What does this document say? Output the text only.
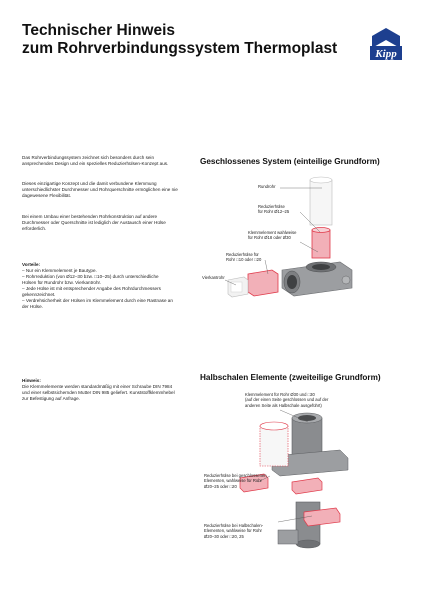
Technischer Hinweis
zum Rohrverbindungssystem Thermoplast	Kipp
Das Rohrverbindungssystem zeichnet sich besonders durch sein
ansprechendes Design und ein spezielles Reduzierhülsen-Konzept aus.
Dieses einzigartige Konzept und die damit verbundene Klemmung
unterschiedlichster Durchmesser und Rohrquerschnitte ermöglichen eine nie
dagewesene Flexibilität.
Bei einem Umbau einer bestehenden Rohrkonstruktion auf andere
Durchmesser oder Querschnitte ist lediglich der Austausch einer Hülse
erforderlich.
Vorteile:
– Nur ein Klemmelement je Bautype.
– Rohrreduktion (von Ø12–30 bzw. □10–25) durch unterschiedliche
Hülsen für Rundrohr bzw. Vierkantrohr.
– Jede Hülse ist mit entsprechender Angabe des Rohrdurchmessers
gekennzeichnet.
– Verdrehsicherheit der Hülsen im Klemmelement durch eine Rastnase an
der Hülse.
Geschlossenes System (einteilige Grundform)
Rundrohr
Reduzierhülse
für Rohr Ø12–25
Klemmelement wahlweise
für Rohr Ø18 oder Ø30
Reduzierhülse für
Rohr □10 oder □20
Vierkantrohr
Hinweis:
Die Klemmelemente werden standardmäßig mit einer Schraube DIN 7984
und einer selbstsichernden Mutter DIN 985 geliefert. Kunststoffklemmhebel
zur Befestigung auf Anfrage.
Halbschalen Elemente (zweiteilige Grundform)
Klemmelement für Rohr Ø30 und □30
(auf der einen Seite geschlossen und auf der
anderen Seite als Halbschale ausgeführt)
Reduzierhülse bei geschlossenen
Elementen, wahlweise für Rohr
Ø20–25 oder □20
Reduzierhülse bei Halbschalen-
Elementen, wahlweise für Rohr
Ø20–30 oder □20, 25
